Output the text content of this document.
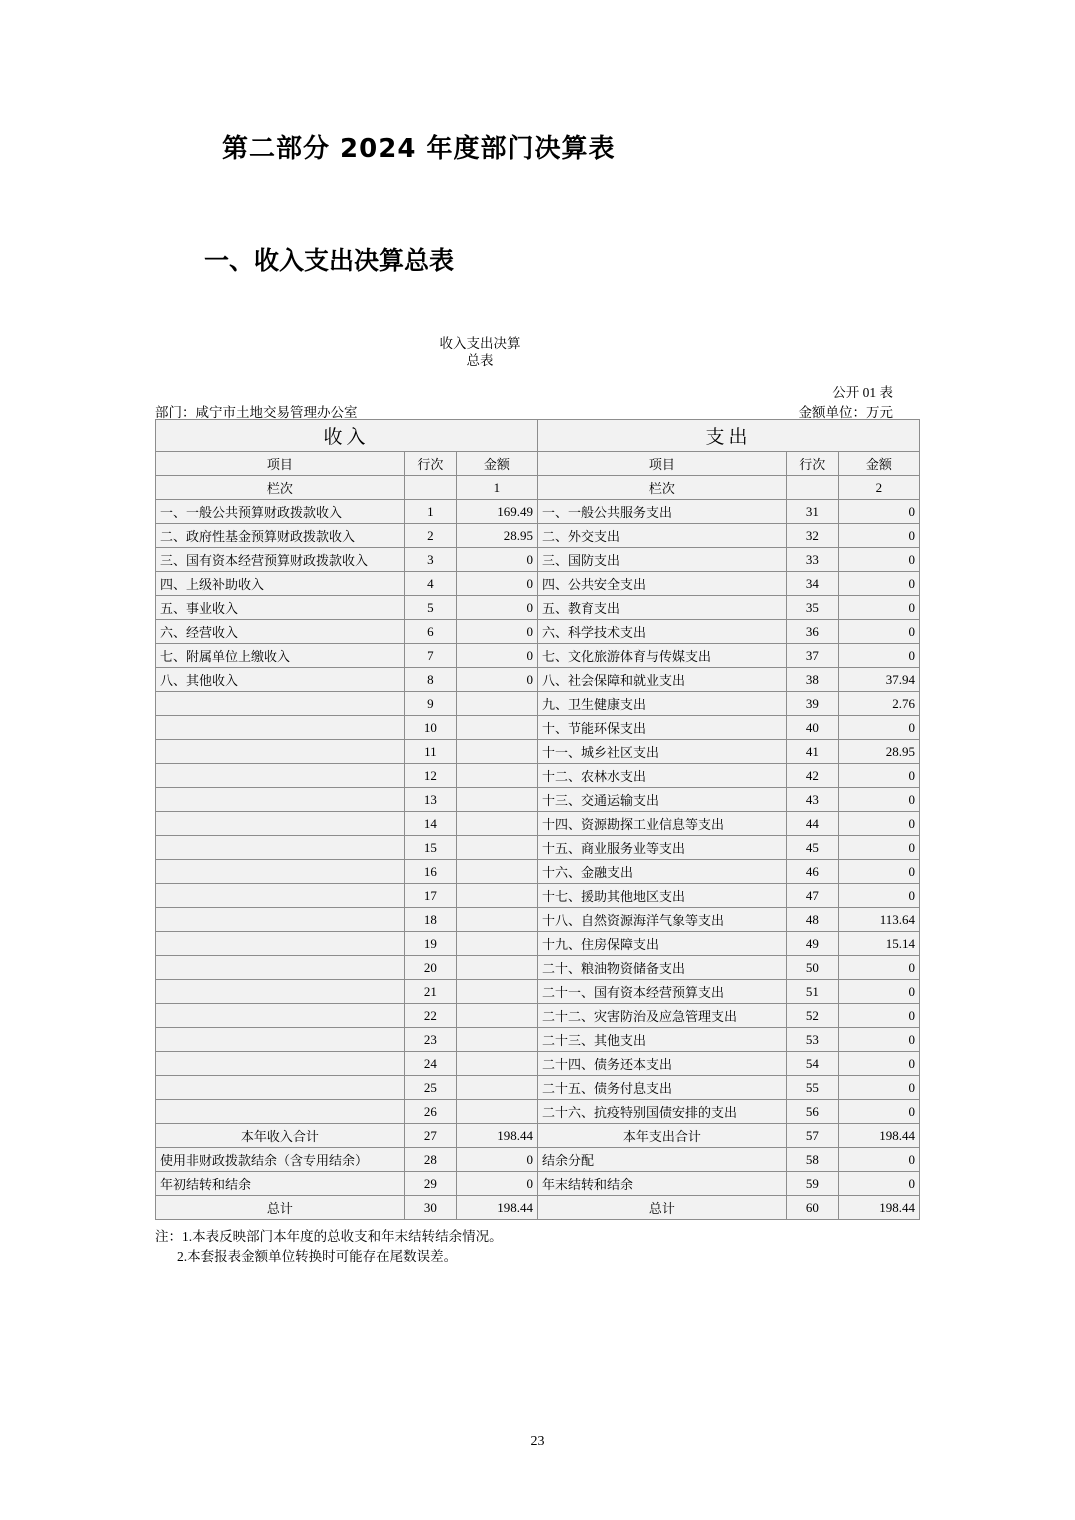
第二部分 2024 年度部门决算表
一、收入支出决算总表
收入支出决算总表
部门：咸宁市土地交易管理办公室
公开 01 表
金额单位：万元
收入			支出		
项目	行次	金额	项目	行次	金额
栏次		1	栏次		2
一、一般公共预算财政拨款收入	1	169.49	一、一般公共服务支出	31	0
二、政府性基金预算财政拨款收入	2	28.95	二、外交支出	32	0
三、国有资本经营预算财政拨款收入	3	0	三、国防支出	33	0
四、上级补助收入	4	0	四、公共安全支出	34	0
五、事业收入	5	0	五、教育支出	35	0
六、经营收入	6	0	六、科学技术支出	36	0
七、附属单位上缴收入	7	0	七、文化旅游体育与传媒支出	37	0
八、其他收入	8	0	八、社会保障和就业支出	38	37.94
	9		九、卫生健康支出	39	2.76
	10		十、节能环保支出	40	0
	11		十一、城乡社区支出	41	28.95
	12		十二、农林水支出	42	0
	13		十三、交通运输支出	43	0
	14		十四、资源勘探工业信息等支出	44	0
	15		十五、商业服务业等支出	45	0
	16		十六、金融支出	46	0
	17		十七、援助其他地区支出	47	0
	18		十八、自然资源海洋气象等支出	48	113.64
	19		十九、住房保障支出	49	15.14
	20		二十、粮油物资储备支出	50	0
	21		二十一、国有资本经营预算支出	51	0
	22		二十二、灾害防治及应急管理支出	52	0
	23		二十三、其他支出	53	0
	24		二十四、债务还本支出	54	0
	25		二十五、债务付息支出	55	0
	26		二十六、抗疫特别国债安排的支出	56	0
本年收入合计	27	198.44	本年支出合计	57	198.44
使用非财政拨款结余（含专用结余）	28	0	结余分配	58	0
年初结转和结余	29	0	年末结转和结余	59	0
总计	30	198.44	总计	60	198.44
注：1.本表反映部门本年度的总收支和年末结转结余情况。
2.本套报表金额单位转换时可能存在尾数误差。
23
